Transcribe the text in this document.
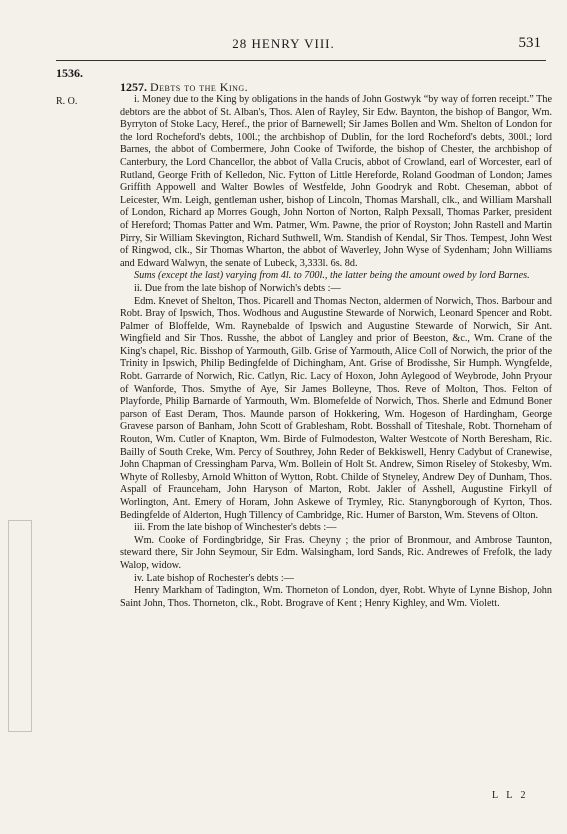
28 HENRY VIII.	531
1536.
R. O.
1257. Debts to the King.

i. Money due to the King by obligations in the hands of John Gostwyk “by way of forren receipt.” The debtors are the abbot of St. Alban's, Thos. Alen of Rayley, Sir Edw. Baynton, the bishop of Bangor, Wm. Byrryton of Stoke Lacy, Heref., the prior of Barnewell; Sir James Bollen and Wm. Shelton of London for the lord Rocheford's debts, 100l.; the archbishop of Dublin, for the lord Rocheford's debts, 300l.; lord Barnes, the abbot of Combermere, John Cooke of Twiforde, the bishop of Chester, the archbishop of Canterbury, the Lord Chancellor, the abbot of Valla Crucis, abbot of Crowland, earl of Worcester, earl of Rutland, George Frith of Kelledon, Nic. Fytton of Little Hereforde, Roland Goodman of London; James Griffith Appowell and Walter Bowles of Westfelde, John Goodryk and Robt. Cheseman, abbot of Leicester, Wm. Leigh, gentleman usher, bishop of Lincoln, Thomas Marshall, clk., and William Marshall of London, Richard ap Morres Gough, John Norton of Norton, Ralph Pexsall, Thomas Parker, president of Hereford; Thomas Patter and Wm. Patmer, Wm. Pawne, the prior of Royston; John Rastell and Martin Pirry, Sir William Skevington, Richard Suthwell, Wm. Standish of Kendal, Sir Thos. Tempest, John West of Ringwod, clk., Sir Thomas Wharton, the abbot of Waverley, John Wyse of Sydenham; John Williams and Edward Walwyn, the senate of Lubeck, 3,333l. 6s. 8d.

Sums (except the last) varying from 4l. to 700l., the latter being the amount owed by lord Barnes.

ii. Due from the late bishop of Norwich's debts :—

Edm. Knevet of Shelton, Thos. Picarell and Thomas Necton, aldermen of Norwich, Thos. Barbour and Robt. Bray of Ipswich, Thos. Wodhous and Augustine Stewarde of Norwich, Leonard Spencer and Robt. Palmer of Bloffelde, Wm. Raynebalde of Ipswich and Augustine Stewarde of Norwich, Sir Ant. Wingfield and Sir Thos. Russhe, the abbot of Langley and prior of Beeston, &c., Wm. Crane of the King's chapel, Ric. Bisshop of Yarmouth, Gilb. Grise of Yarmouth, Alice Coll of Norwich, the prior of the Trinity in Ipswich, Philip Bedingfelde of Dichingham, Ant. Grise of Brodisshe, Sir Humph. Wyngfelde, Robt. Garrarde of Norwich, Ric. Catlyn, Ric. Lacy of Hoxon, John Aylegood of Weybrode, John Pryour of Wanforde, Thos. Smythe of Aye, Sir James Bolleyne, Thos. Reve of Molton, Thos. Felton of Playforde, Philip Barnarde of Yarmouth, Wm. Blomefelde of Norwich, Thos. Sherle and Edmund Boner parson of East Deram, Thos. Maunde parson of Hokkering, Wm. Hogeson of Hardingham, George Gravese parson of Banham, John Scott of Grablesham, Robt. Bosshall of Titeshale, Robt. Thorneham of Routon, Wm. Cutler of Knapton, Wm. Birde of Fulmodeston, Walter Westcote of North Beresham, Ric. Bailly of South Creke, Wm. Percy of Southrey, John Reder of Bekkiswell, Henry Cadybut of Cranewise, John Chapman of Cressingham Parva, Wm. Bollein of Holt St. Andrew, Simon Riseley of Stokesby, Wm. Whyte of Rollesby, Arnold Whitton of Wytton, Robt. Childe of Styneley, Andrew Dey of Dunham, Thos. Aspall of Fraunceham, John Haryson of Marton, Robt. Jakler of Asshell, Augustine Firkyll of Worlington, Ant. Emery of Horam, John Askewe of Trymley, Ric. Stanyngborough of Kyrton, Thos. Bedingfelde of Alderton, Hugh Tillency of Cambridge, Ric. Humer of Barston, Wm. Stevens of Olton.

iii. From the late bishop of Winchester's debts :—

Wm. Cooke of Fordingbridge, Sir Fras. Cheyny ; the prior of Bronmour, and Ambrose Taunton, steward there, Sir John Seymour, Sir Edm. Walsingham, lord Sands, Ric. Andrewes of Frefolk, the lady Walop, widow.

iv. Late bishop of Rochester's debts :—

Henry Markham of Tadington, Wm. Thorneton of London, dyer, Robt. Whyte of Lynne Bishop, John Saint John, Thos. Thorneton, clk., Robt. Brograve of Kent ; Henry Kighley, and Wm. Violett.

L L 2
